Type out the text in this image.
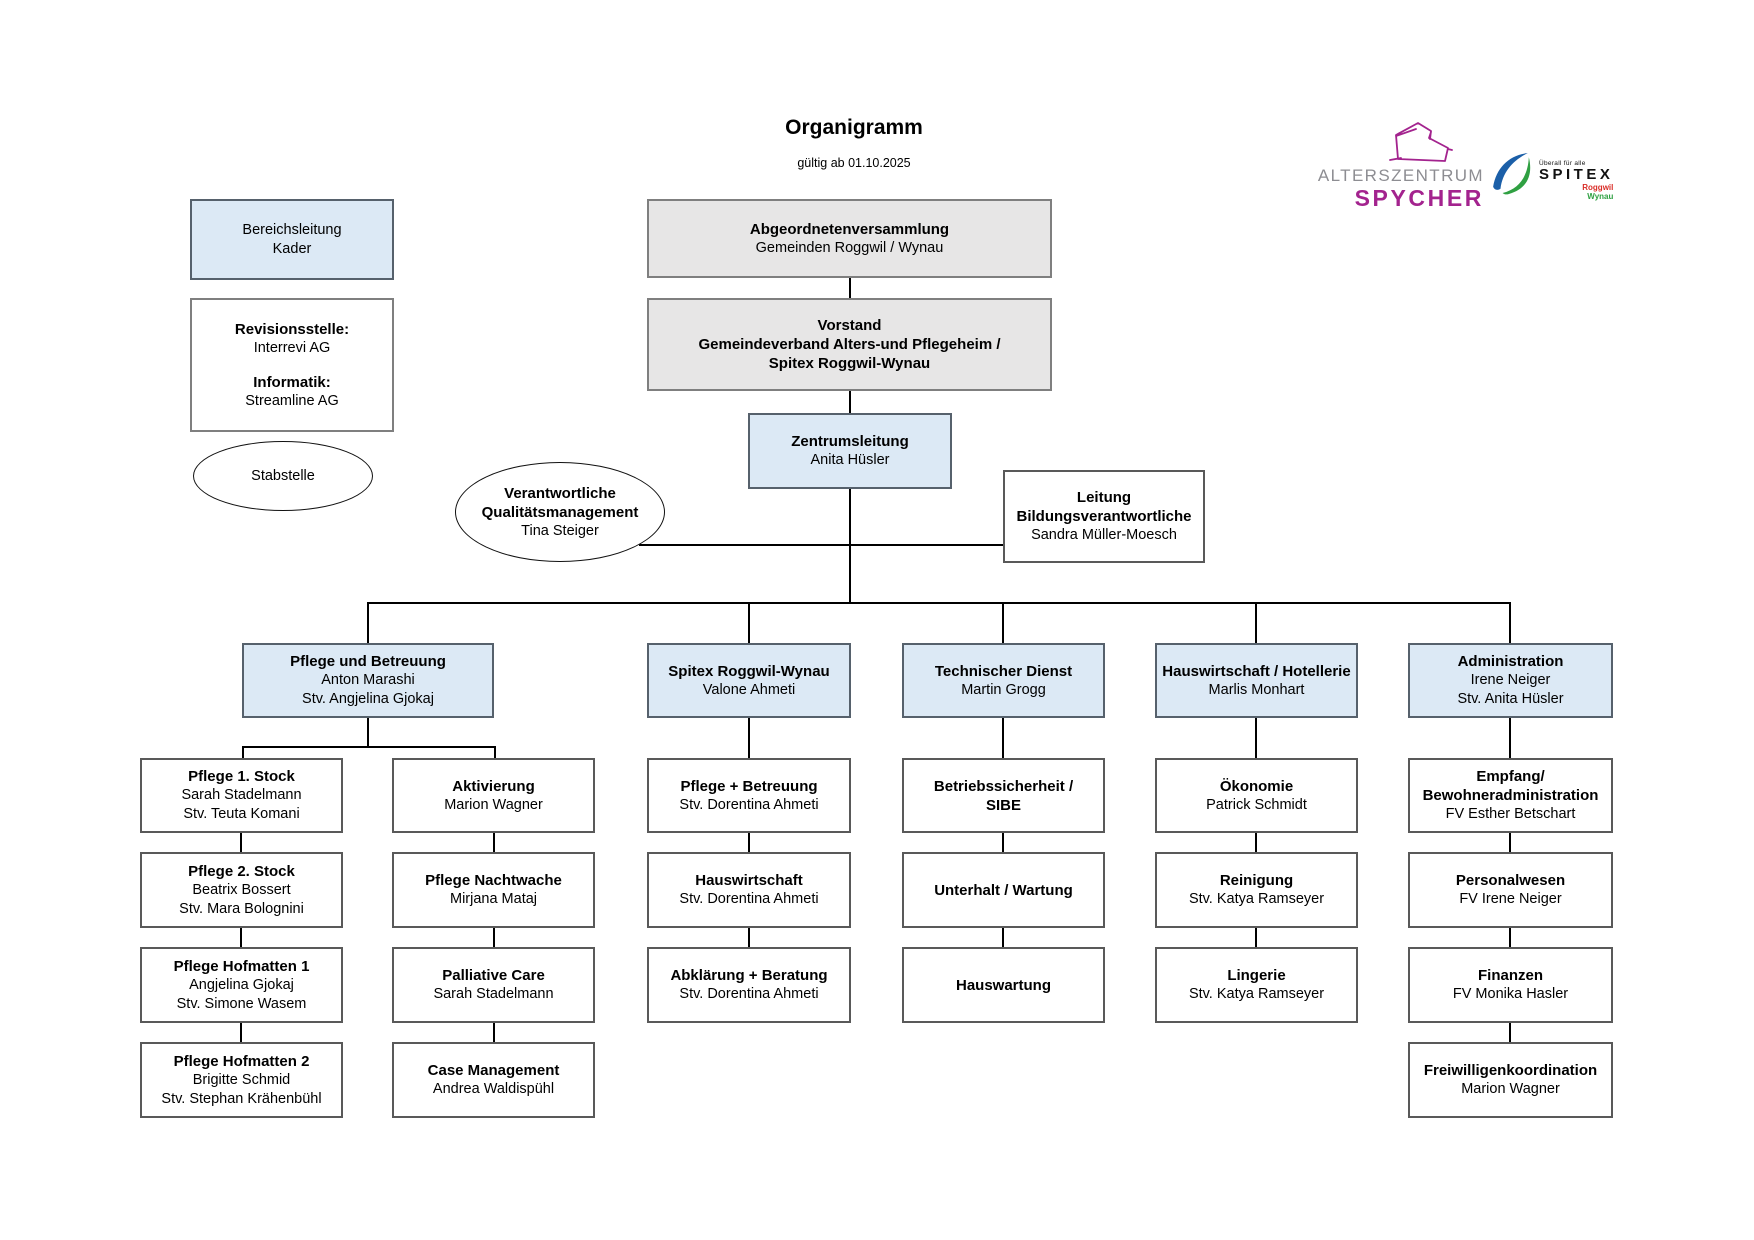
Organigramm
gültig ab 01.10.2025
ALTERSZENTRUM
SPYCHER
Überall für alle
SPITEX
Roggwil
Wynau
Bereichsleitung
Kader
Revisionsstelle:
Interrevi AG
Informatik:
Streamline AG
Stabstelle
Abgeordnetenversammlung
Gemeinden Roggwil / Wynau
Vorstand
Gemeindeverband Alters-und Pflegeheim /
Spitex Roggwil-Wynau
Zentrumsleitung
Anita Hüsler
Verantwortliche
Qualitätsmanagement
Tina Steiger
Leitung
Bildungsverantwortliche
Sandra Müller-Moesch
Pflege und Betreuung
Anton Marashi
Stv. Angjelina Gjokaj
Spitex Roggwil-Wynau
Valone Ahmeti
Technischer Dienst
Martin Grogg
Hauswirtschaft / Hotellerie
Marlis Monhart
Administration
Irene Neiger
Stv. Anita Hüsler
Pflege 1. Stock
Sarah Stadelmann
Stv. Teuta Komani
Pflege 2. Stock
Beatrix Bossert
Stv. Mara Bolognini
Pflege Hofmatten 1
Angjelina Gjokaj
Stv. Simone Wasem
Pflege Hofmatten 2
Brigitte Schmid
Stv. Stephan Krähenbühl
Aktivierung
Marion Wagner
Pflege Nachtwache
Mirjana Mataj
Palliative Care
Sarah Stadelmann
Case Management
Andrea Waldispühl
Pflege + Betreuung
Stv. Dorentina Ahmeti
Hauswirtschaft
Stv. Dorentina Ahmeti
Abklärung + Beratung
Stv. Dorentina Ahmeti
Betriebssicherheit /
SIBE
Unterhalt / Wartung
Hauswartung
Ökonomie
Patrick Schmidt
Reinigung
Stv. Katya Ramseyer
Lingerie
Stv. Katya Ramseyer
Empfang/
Bewohneradministration
FV Esther Betschart
Personalwesen
FV Irene Neiger
Finanzen
FV Monika Hasler
Freiwilligenkoordination
Marion Wagner
